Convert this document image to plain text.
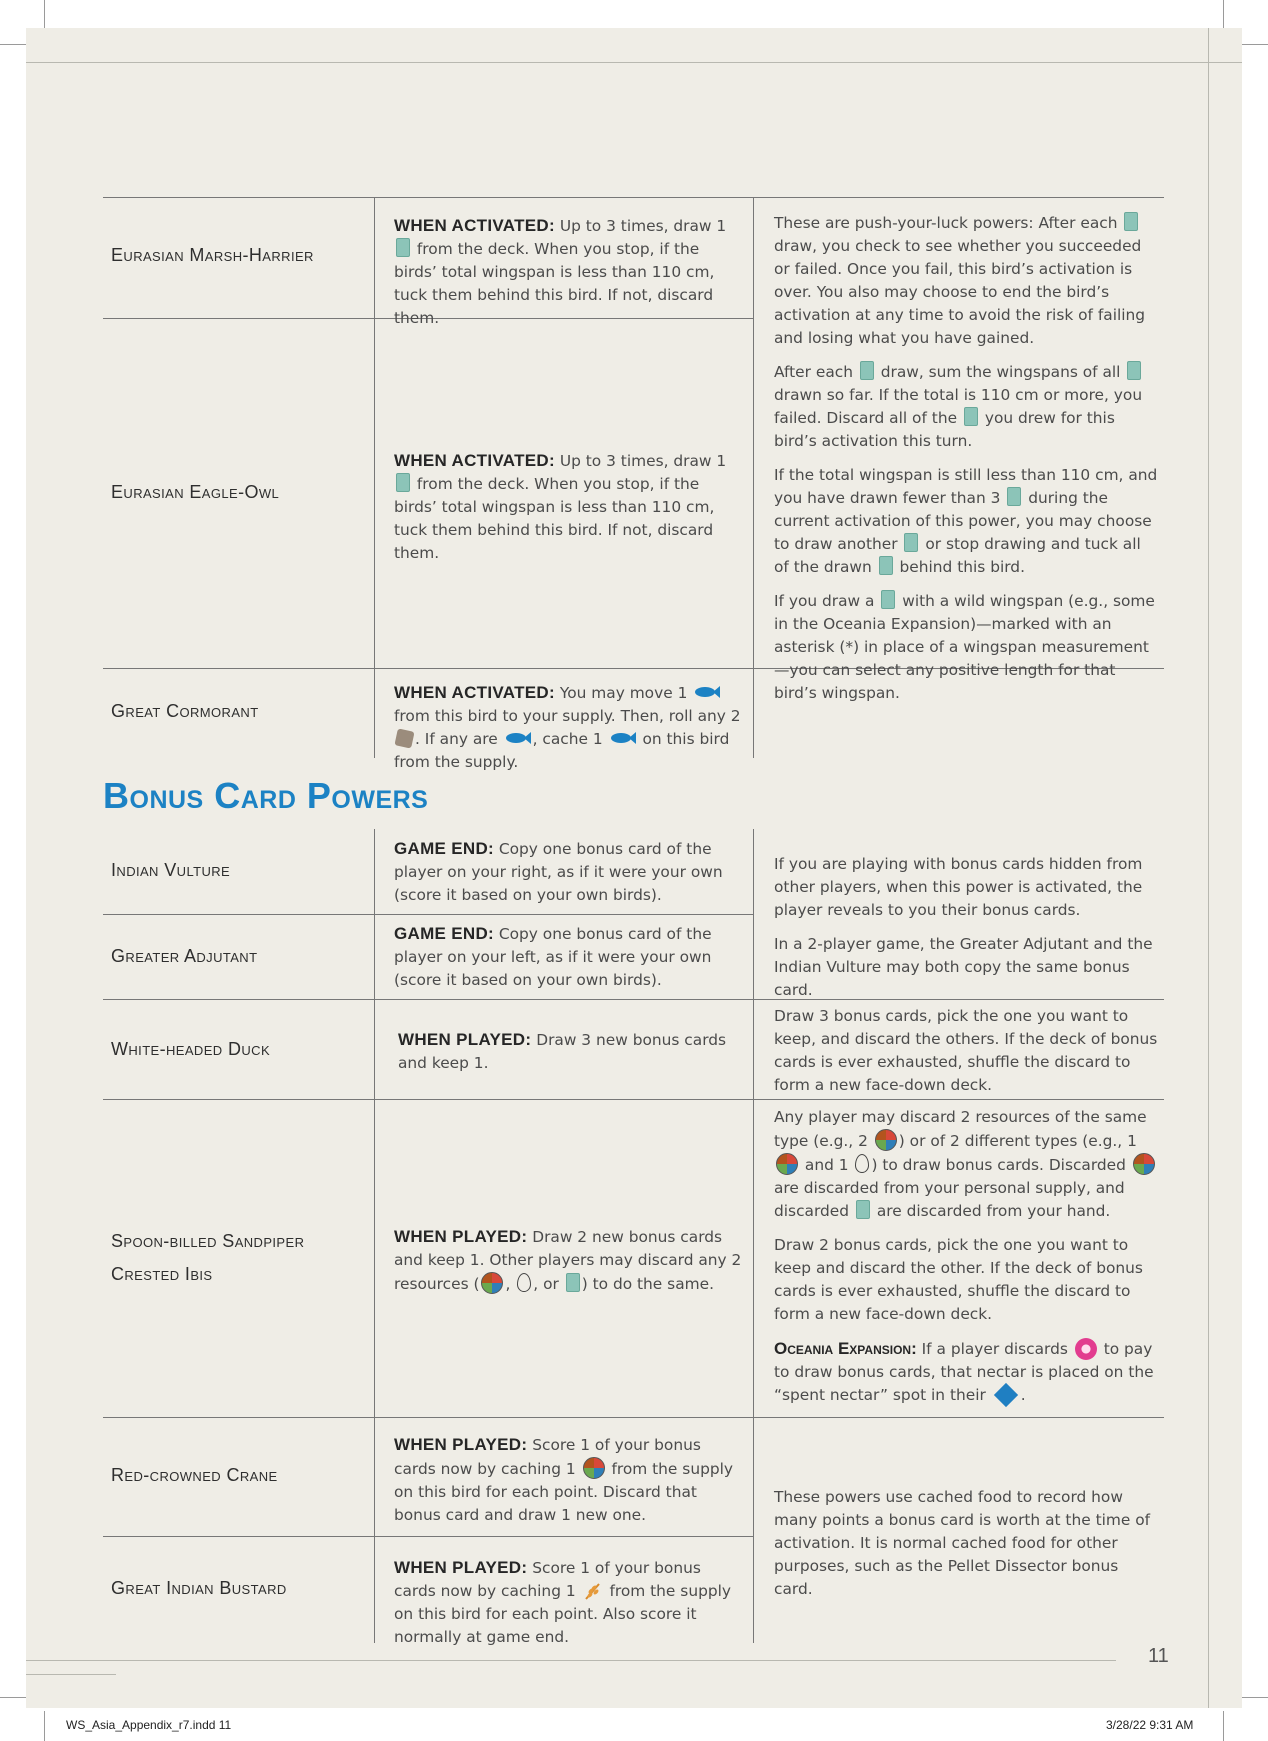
Eurasian Marsh-Harrier
Eurasian Eagle-Owl
Great Cormorant
Indian Vulture
Greater Adjutant
White-headed Duck
Spoon-billed Sandpiper
Crested Ibis
Red-crowned Crane
Great Indian Bustard
Bonus Card Powers
WHEN ACTIVATED: Up to 3 times, draw 1  from the deck. When you stop, if the birds’ total wingspan is less than 110 cm, tuck them behind this bird. If not, discard them.
WHEN ACTIVATED: Up to 3 times, draw 1  from the deck. When you stop, if the birds’ total wingspan is less than 110 cm, tuck them behind this bird. If not, discard them.
WHEN ACTIVATED: You may move 1  from this bird to your supply. Then, roll any 2 . If any are , cache 1  on this bird from the supply.
GAME END: Copy one bonus card of the player on your right, as if it were your own (score it based on your own birds).
GAME END: Copy one bonus card of the player on your left, as if it were your own (score it based on your own birds).
WHEN PLAYED: Draw 3 new bonus cards and keep 1.
WHEN PLAYED: Draw 2 new bonus cards and keep 1. Other players may discard any 2 resources ( , , or ) to do the same.
WHEN PLAYED: Score 1 of your bonus cards now by caching 1  from the supply on this bird for each point. Discard that bonus card and draw 1 new one.
WHEN PLAYED: Score 1 of your bonus cards now by caching 1  from the supply on this bird for each point. Also score it normally at game end.

These are push-your-luck powers: After each  draw, you check to see whether you succeeded or failed. Once you fail, this bird’s activation is over. You also may choose to end the bird’s activation at any time to avoid the risk of failing and losing what you have gained.

After each  draw, sum the wingspans of all  drawn so far. If the total is 110 cm or more, you failed. Discard all of the  you drew for this bird’s activation this turn.

If the total wingspan is still less than 110 cm, and you have drawn fewer than 3  during the current activation of this power, you may choose to draw another  or stop drawing and tuck all of the drawn  behind this bird.

If you draw a  with a wild wingspan (e.g., some in the Oceania Expansion)—marked with an asterisk (*) in place of a wingspan measurement—you can select any positive length for that bird’s wingspan.

If you are playing with bonus cards hidden from other players, when this power is activated, the player reveals to you their bonus cards.

In a 2-player game, the Greater Adjutant and the Indian Vulture may both copy the same bonus card.

Draw 3 bonus cards, pick the one you want to keep, and discard the others. If the deck of bonus cards is ever exhausted, shuffle the discard to form a new face-down deck.

Any player may discard 2 resources of the same type (e.g., 2 ) or of 2 different types (e.g., 1  and 1 ) to draw bonus cards. Discarded  are discarded from your personal supply, and discarded  are discarded from your hand.

Draw 2 bonus cards, pick the one you want to keep and discard the other. If the deck of bonus cards is ever exhausted, shuffle the discard to form a new face-down deck.

Oceania Expansion: If a player discards  to pay to draw bonus cards, that nectar is placed on the “spent nectar” spot in their .

These powers use cached food to record how many points a bonus card is worth at the time of activation. It is normal cached food for other purposes, such as the Pellet Dissector bonus card.

11
WS_Asia_Appendix_r7.indd 11	3/28/22 9:31 AM
